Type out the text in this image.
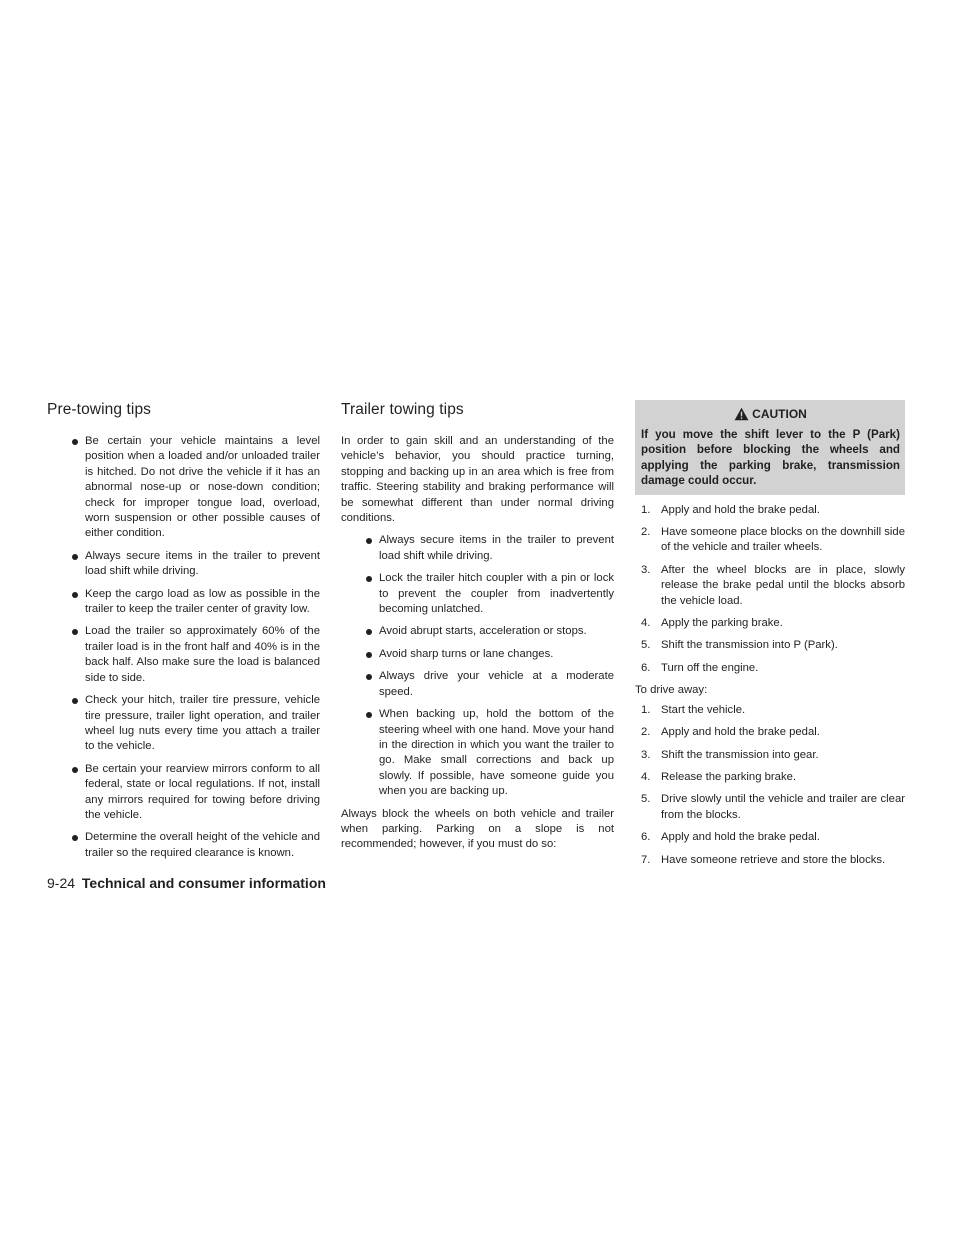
Pre-towing tips
Be certain your vehicle maintains a level position when a loaded and/or unloaded trailer is hitched. Do not drive the vehicle if it has an abnormal nose-up or nose-down condition; check for improper tongue load, overload, worn suspension or other possible causes of either condition.
Always secure items in the trailer to prevent load shift while driving.
Keep the cargo load as low as possible in the trailer to keep the trailer center of gravity low.
Load the trailer so approximately 60% of the trailer load is in the front half and 40% is in the back half. Also make sure the load is balanced side to side.
Check your hitch, trailer tire pressure, vehicle tire pressure, trailer light operation, and trailer wheel lug nuts every time you attach a trailer to the vehicle.
Be certain your rearview mirrors conform to all federal, state or local regulations. If not, install any mirrors required for towing before driving the vehicle.
Determine the overall height of the vehicle and trailer so the required clearance is known.
Trailer towing tips

In order to gain skill and an understanding of the vehicle’s behavior, you should practice turning, stopping and backing up in an area which is free from traffic. Steering stability and braking performance will be somewhat different than under normal driving conditions.

Always secure items in the trailer to prevent load shift while driving.
Lock the trailer hitch coupler with a pin or lock to prevent the coupler from inadvertently becoming unlatched.
Avoid abrupt starts, acceleration or stops.
Avoid sharp turns or lane changes.
Always drive your vehicle at a moderate speed.
When backing up, hold the bottom of the steering wheel with one hand. Move your hand in the direction in which you want the trailer to go. Make small corrections and back up slowly. If possible, have someone guide you when you are backing up.

Always block the wheels on both vehicle and trailer when parking. Parking on a slope is not recommended; however, if you must do so:

CAUTION

If you move the shift lever to the P (Park) position before blocking the wheels and applying the parking brake, transmission damage could occur.

1. Apply and hold the brake pedal.
2. Have someone place blocks on the downhill side of the vehicle and trailer wheels.
3. After the wheel blocks are in place, slowly release the brake pedal until the blocks absorb the vehicle load.
4. Apply the parking brake.
5. Shift the transmission into P (Park).
6. Turn off the engine.

To drive away:

1. Start the vehicle.
2. Apply and hold the brake pedal.
3. Shift the transmission into gear.
4. Release the parking brake.
5. Drive slowly until the vehicle and trailer are clear from the blocks.
6. Apply and hold the brake pedal.
7. Have someone retrieve and store the blocks.
9-24 Technical and consumer information
